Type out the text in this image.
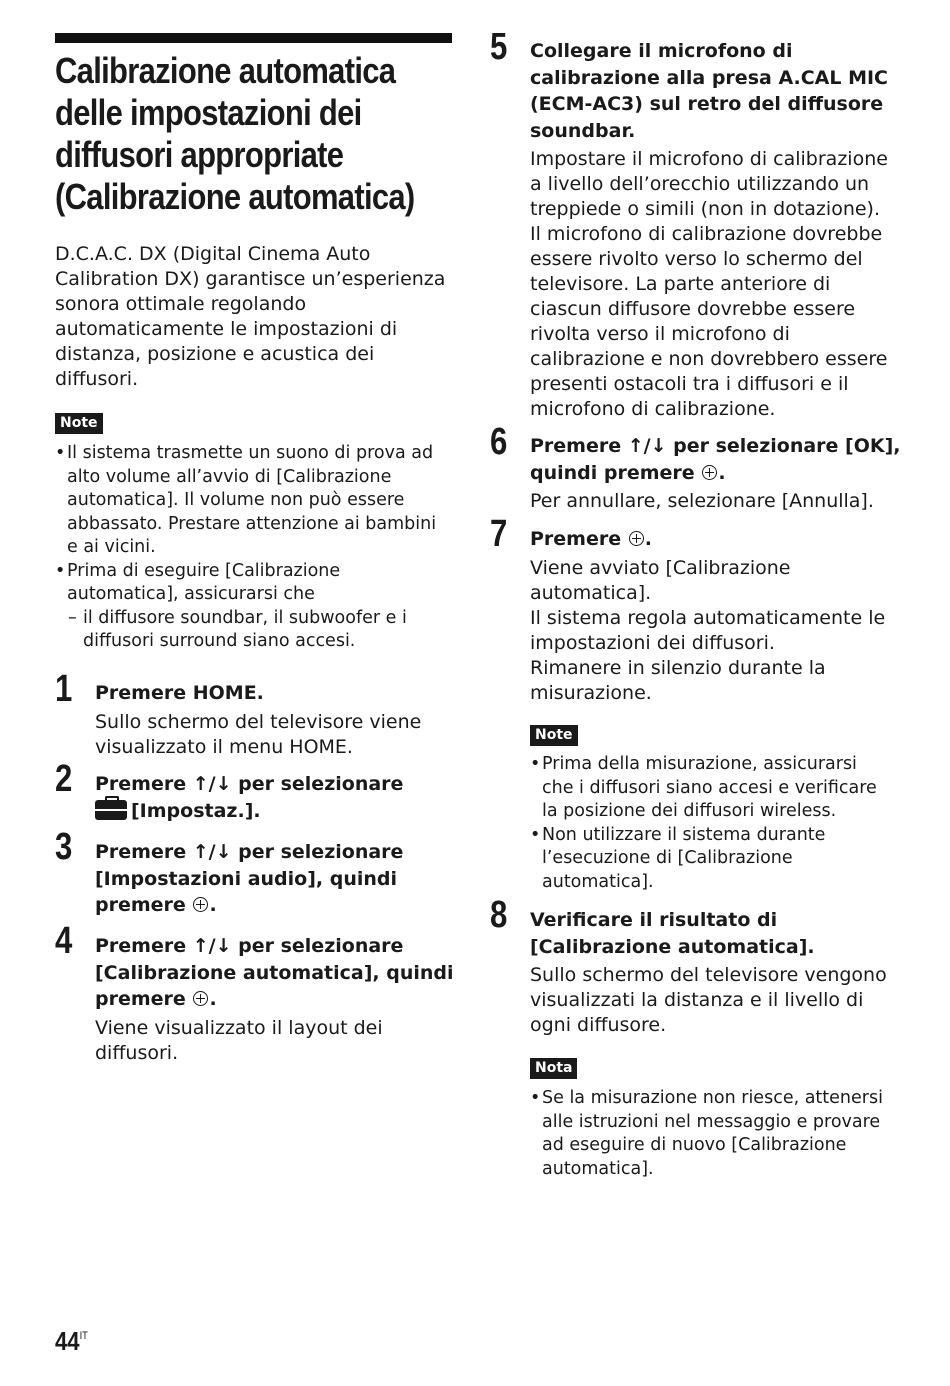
Calibrazione automatica
delle impostazioni dei
diffusori appropriate
(Calibrazione automatica)
D.C.A.C. DX (Digital Cinema Auto
Calibration DX) garantisce un’esperienza
sonora ottimale regolando
automaticamente le impostazioni di
distanza, posizione e acustica dei
diffusori.
Note
• Il sistema trasmette un suono di prova ad
alto volume all’avvio di [Calibrazione
automatica]. Il volume non può essere
abbassato. Prestare attenzione ai bambini
e ai vicini.
• Prima di eseguire [Calibrazione
automatica], assicurarsi che
– il diffusore soundbar, il subwoofer e i
diffusori surround siano accesi.
1 Premere HOME.
Sullo schermo del televisore viene
visualizzato il menu HOME.
2 Premere ↑/↓ per selezionare
[Impostaz.].
3 Premere ↑/↓ per selezionare
[Impostazioni audio], quindi
premere .
4 Premere ↑/↓ per selezionare
[Calibrazione automatica], quindi
premere .
Viene visualizzato il layout dei
diffusori.
5 Collegare il microfono di
calibrazione alla presa A.CAL MIC
(ECM-AC3) sul retro del diffusore
soundbar.
Impostare il microfono di calibrazione
a livello dell’orecchio utilizzando un
treppiede o simili (non in dotazione).
Il microfono di calibrazione dovrebbe
essere rivolto verso lo schermo del
televisore. La parte anteriore di
ciascun diffusore dovrebbe essere
rivolta verso il microfono di
calibrazione e non dovrebbero essere
presenti ostacoli tra i diffusori e il
microfono di calibrazione.
6 Premere ↑/↓ per selezionare [OK],
quindi premere .
Per annullare, selezionare [Annulla].
7 Premere .
Viene avviato [Calibrazione
automatica].
Il sistema regola automaticamente le
impostazioni dei diffusori.
Rimanere in silenzio durante la
misurazione.
Note
• Prima della misurazione, assicurarsi
che i diffusori siano accesi e verificare
la posizione dei diffusori wireless.
• Non utilizzare il sistema durante
l’esecuzione di [Calibrazione
automatica].
8 Verificare il risultato di
[Calibrazione automatica].
Sullo schermo del televisore vengono
visualizzati la distanza e il livello di
ogni diffusore.
Nota
• Se la misurazione non riesce, attenersi
alle istruzioni nel messaggio e provare
ad eseguire di nuovo [Calibrazione
automatica].
$44^{IT}$
